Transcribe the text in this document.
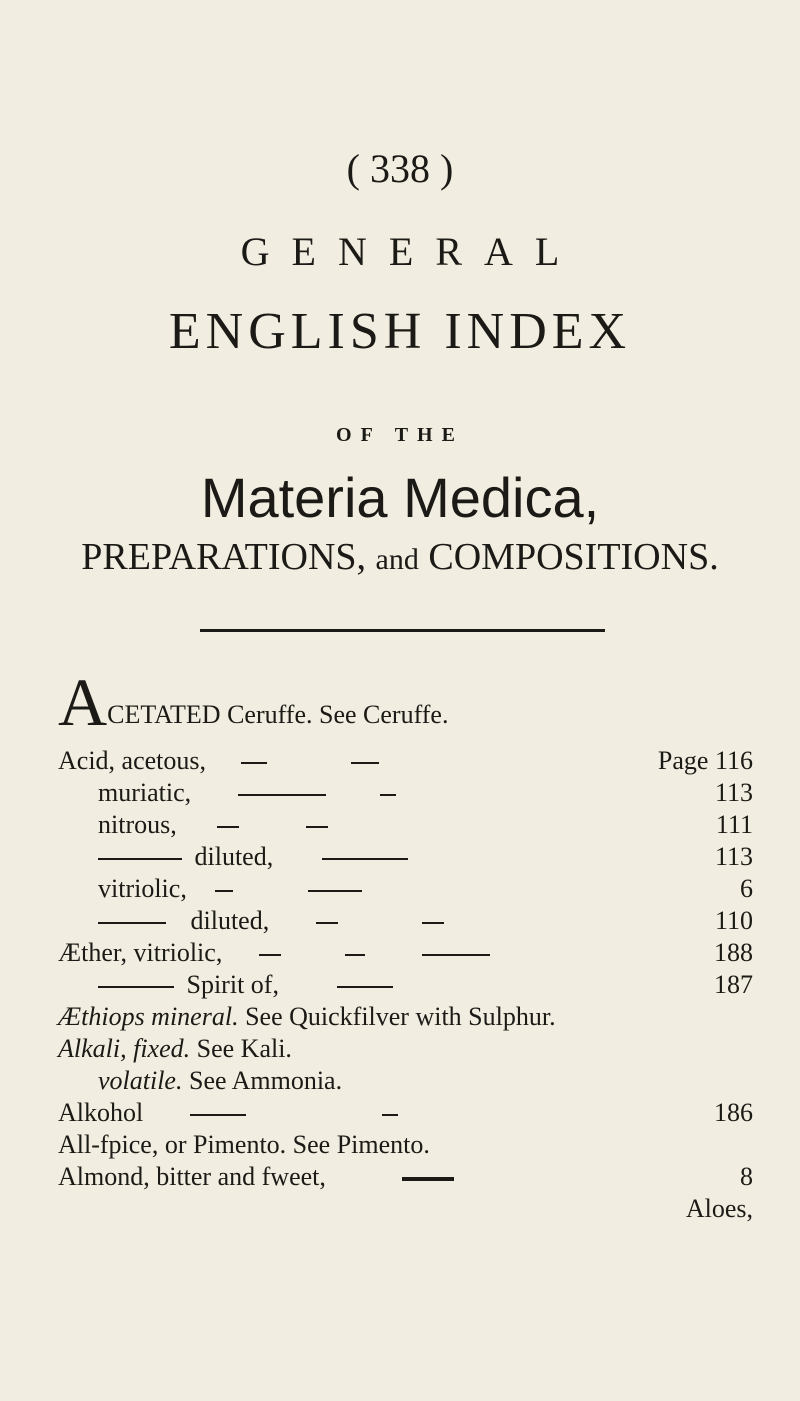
( 338 )
GENERAL
ENGLISH INDEX
OF THE
Materia Medica,
PREPARATIONS, and COMPOSITIONS.
ACETATED Ceruffe. See Ceruffe.
Acid, acetous,	Page 116
muriatic,	113
nitrous,	111
diluted,	113
vitriolic,	6
diluted,	110
Æther, vitriolic,	188
Spirit of,	187
Æthiops mineral. See Quickfilver with Sulphur.
Alkali, fixed. See Kali.
volatile. See Ammonia.
Alkohol	186
All-fpice, or Pimento. See Pimento.
Almond, bitter and fweet,	8
Aloes,
